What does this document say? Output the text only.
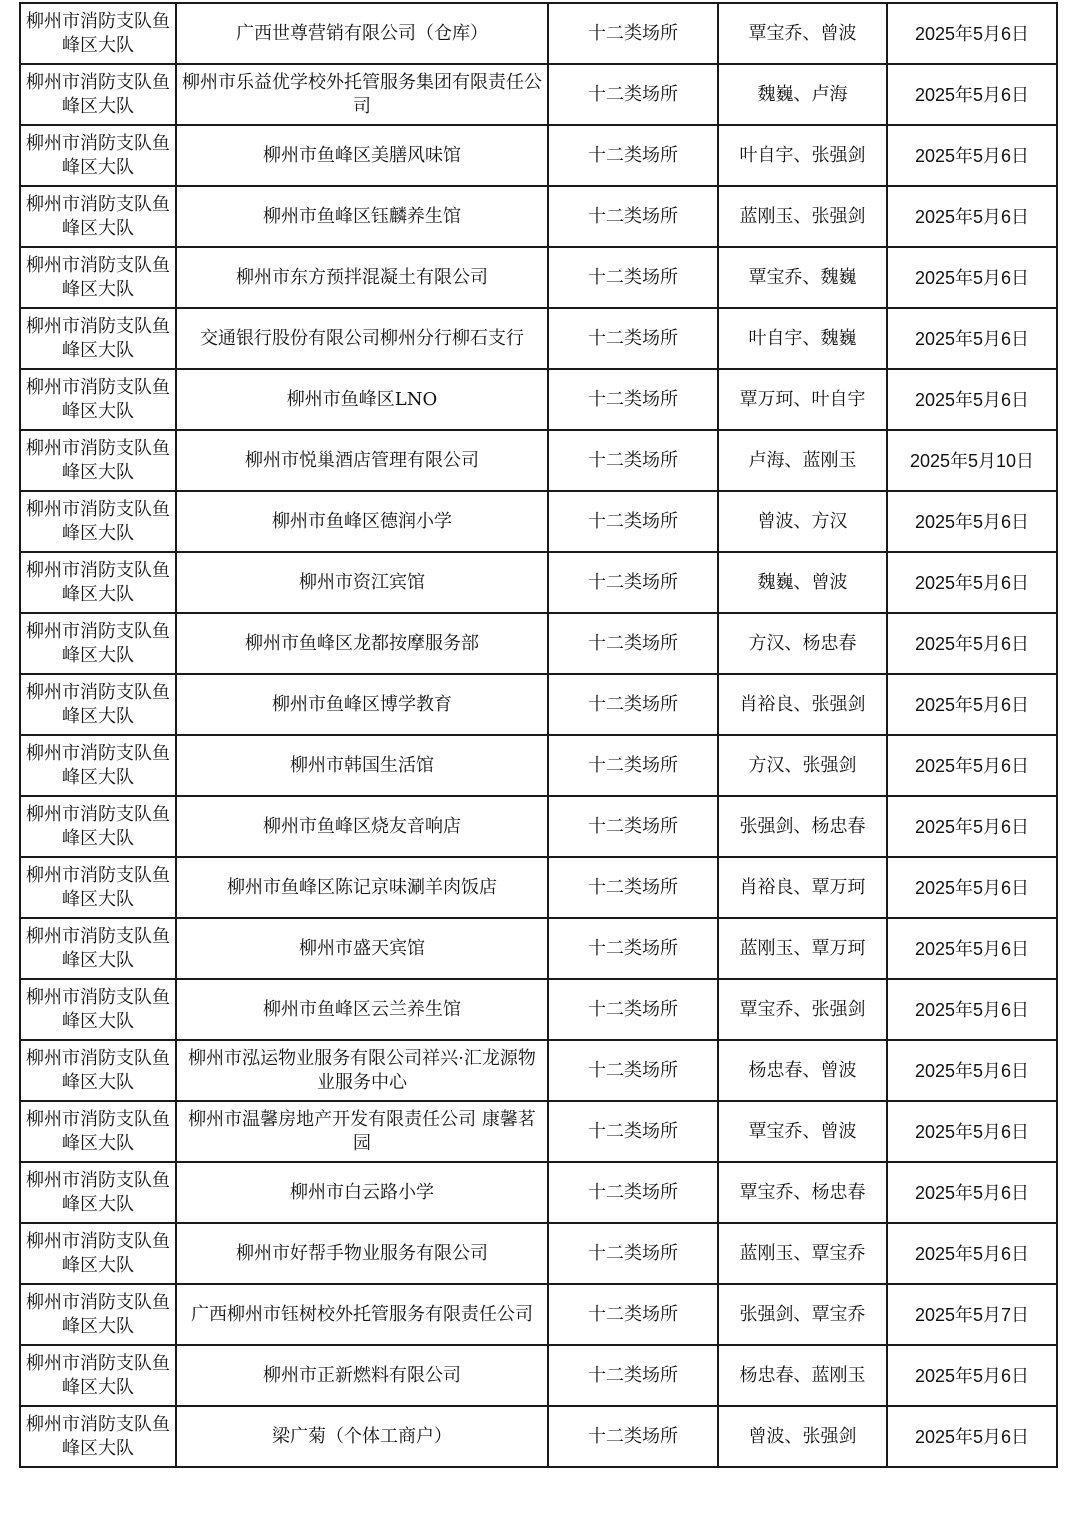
柳州市消防支队鱼峰区大队	广西世尊营销有限公司（仓库）	十二类场所	覃宝乔、曾波	2025年5月6日
柳州市消防支队鱼峰区大队	柳州市乐益优学校外托管服务集团有限责任公司	十二类场所	魏巍、卢海	2025年5月6日
柳州市消防支队鱼峰区大队	柳州市鱼峰区美膳风味馆	十二类场所	叶自宇、张强剑	2025年5月6日
柳州市消防支队鱼峰区大队	柳州市鱼峰区钰麟养生馆	十二类场所	蓝刚玉、张强剑	2025年5月6日
柳州市消防支队鱼峰区大队	柳州市东方预拌混凝土有限公司	十二类场所	覃宝乔、魏巍	2025年5月6日
柳州市消防支队鱼峰区大队	交通银行股份有限公司柳州分行柳石支行	十二类场所	叶自宇、魏巍	2025年5月6日
柳州市消防支队鱼峰区大队	柳州市鱼峰区LNO	十二类场所	覃万珂、叶自宇	2025年5月6日
柳州市消防支队鱼峰区大队	柳州市悦巢酒店管理有限公司	十二类场所	卢海、蓝刚玉	2025年5月10日
柳州市消防支队鱼峰区大队	柳州市鱼峰区德润小学	十二类场所	曾波、方汉	2025年5月6日
柳州市消防支队鱼峰区大队	柳州市资江宾馆	十二类场所	魏巍、曾波	2025年5月6日
柳州市消防支队鱼峰区大队	柳州市鱼峰区龙都按摩服务部	十二类场所	方汉、杨忠春	2025年5月6日
柳州市消防支队鱼峰区大队	柳州市鱼峰区博学教育	十二类场所	肖裕良、张强剑	2025年5月6日
柳州市消防支队鱼峰区大队	柳州市韩国生活馆	十二类场所	方汉、张强剑	2025年5月6日
柳州市消防支队鱼峰区大队	柳州市鱼峰区烧友音响店	十二类场所	张强剑、杨忠春	2025年5月6日
柳州市消防支队鱼峰区大队	柳州市鱼峰区陈记京味涮羊肉饭店	十二类场所	肖裕良、覃万珂	2025年5月6日
柳州市消防支队鱼峰区大队	柳州市盛天宾馆	十二类场所	蓝刚玉、覃万珂	2025年5月6日
柳州市消防支队鱼峰区大队	柳州市鱼峰区云兰养生馆	十二类场所	覃宝乔、张强剑	2025年5月6日
柳州市消防支队鱼峰区大队	柳州市泓运物业服务有限公司祥兴·汇龙源物业服务中心	十二类场所	杨忠春、曾波	2025年5月6日
柳州市消防支队鱼峰区大队	柳州市温馨房地产开发有限责任公司 康馨茗园	十二类场所	覃宝乔、曾波	2025年5月6日
柳州市消防支队鱼峰区大队	柳州市白云路小学	十二类场所	覃宝乔、杨忠春	2025年5月6日
柳州市消防支队鱼峰区大队	柳州市好帮手物业服务有限公司	十二类场所	蓝刚玉、覃宝乔	2025年5月6日
柳州市消防支队鱼峰区大队	广西柳州市钰树校外托管服务有限责任公司	十二类场所	张强剑、覃宝乔	2025年5月7日
柳州市消防支队鱼峰区大队	柳州市正新燃料有限公司	十二类场所	杨忠春、蓝刚玉	2025年5月6日
柳州市消防支队鱼峰区大队	梁广菊（个体工商户）	十二类场所	曾波、张强剑	2025年5月6日
